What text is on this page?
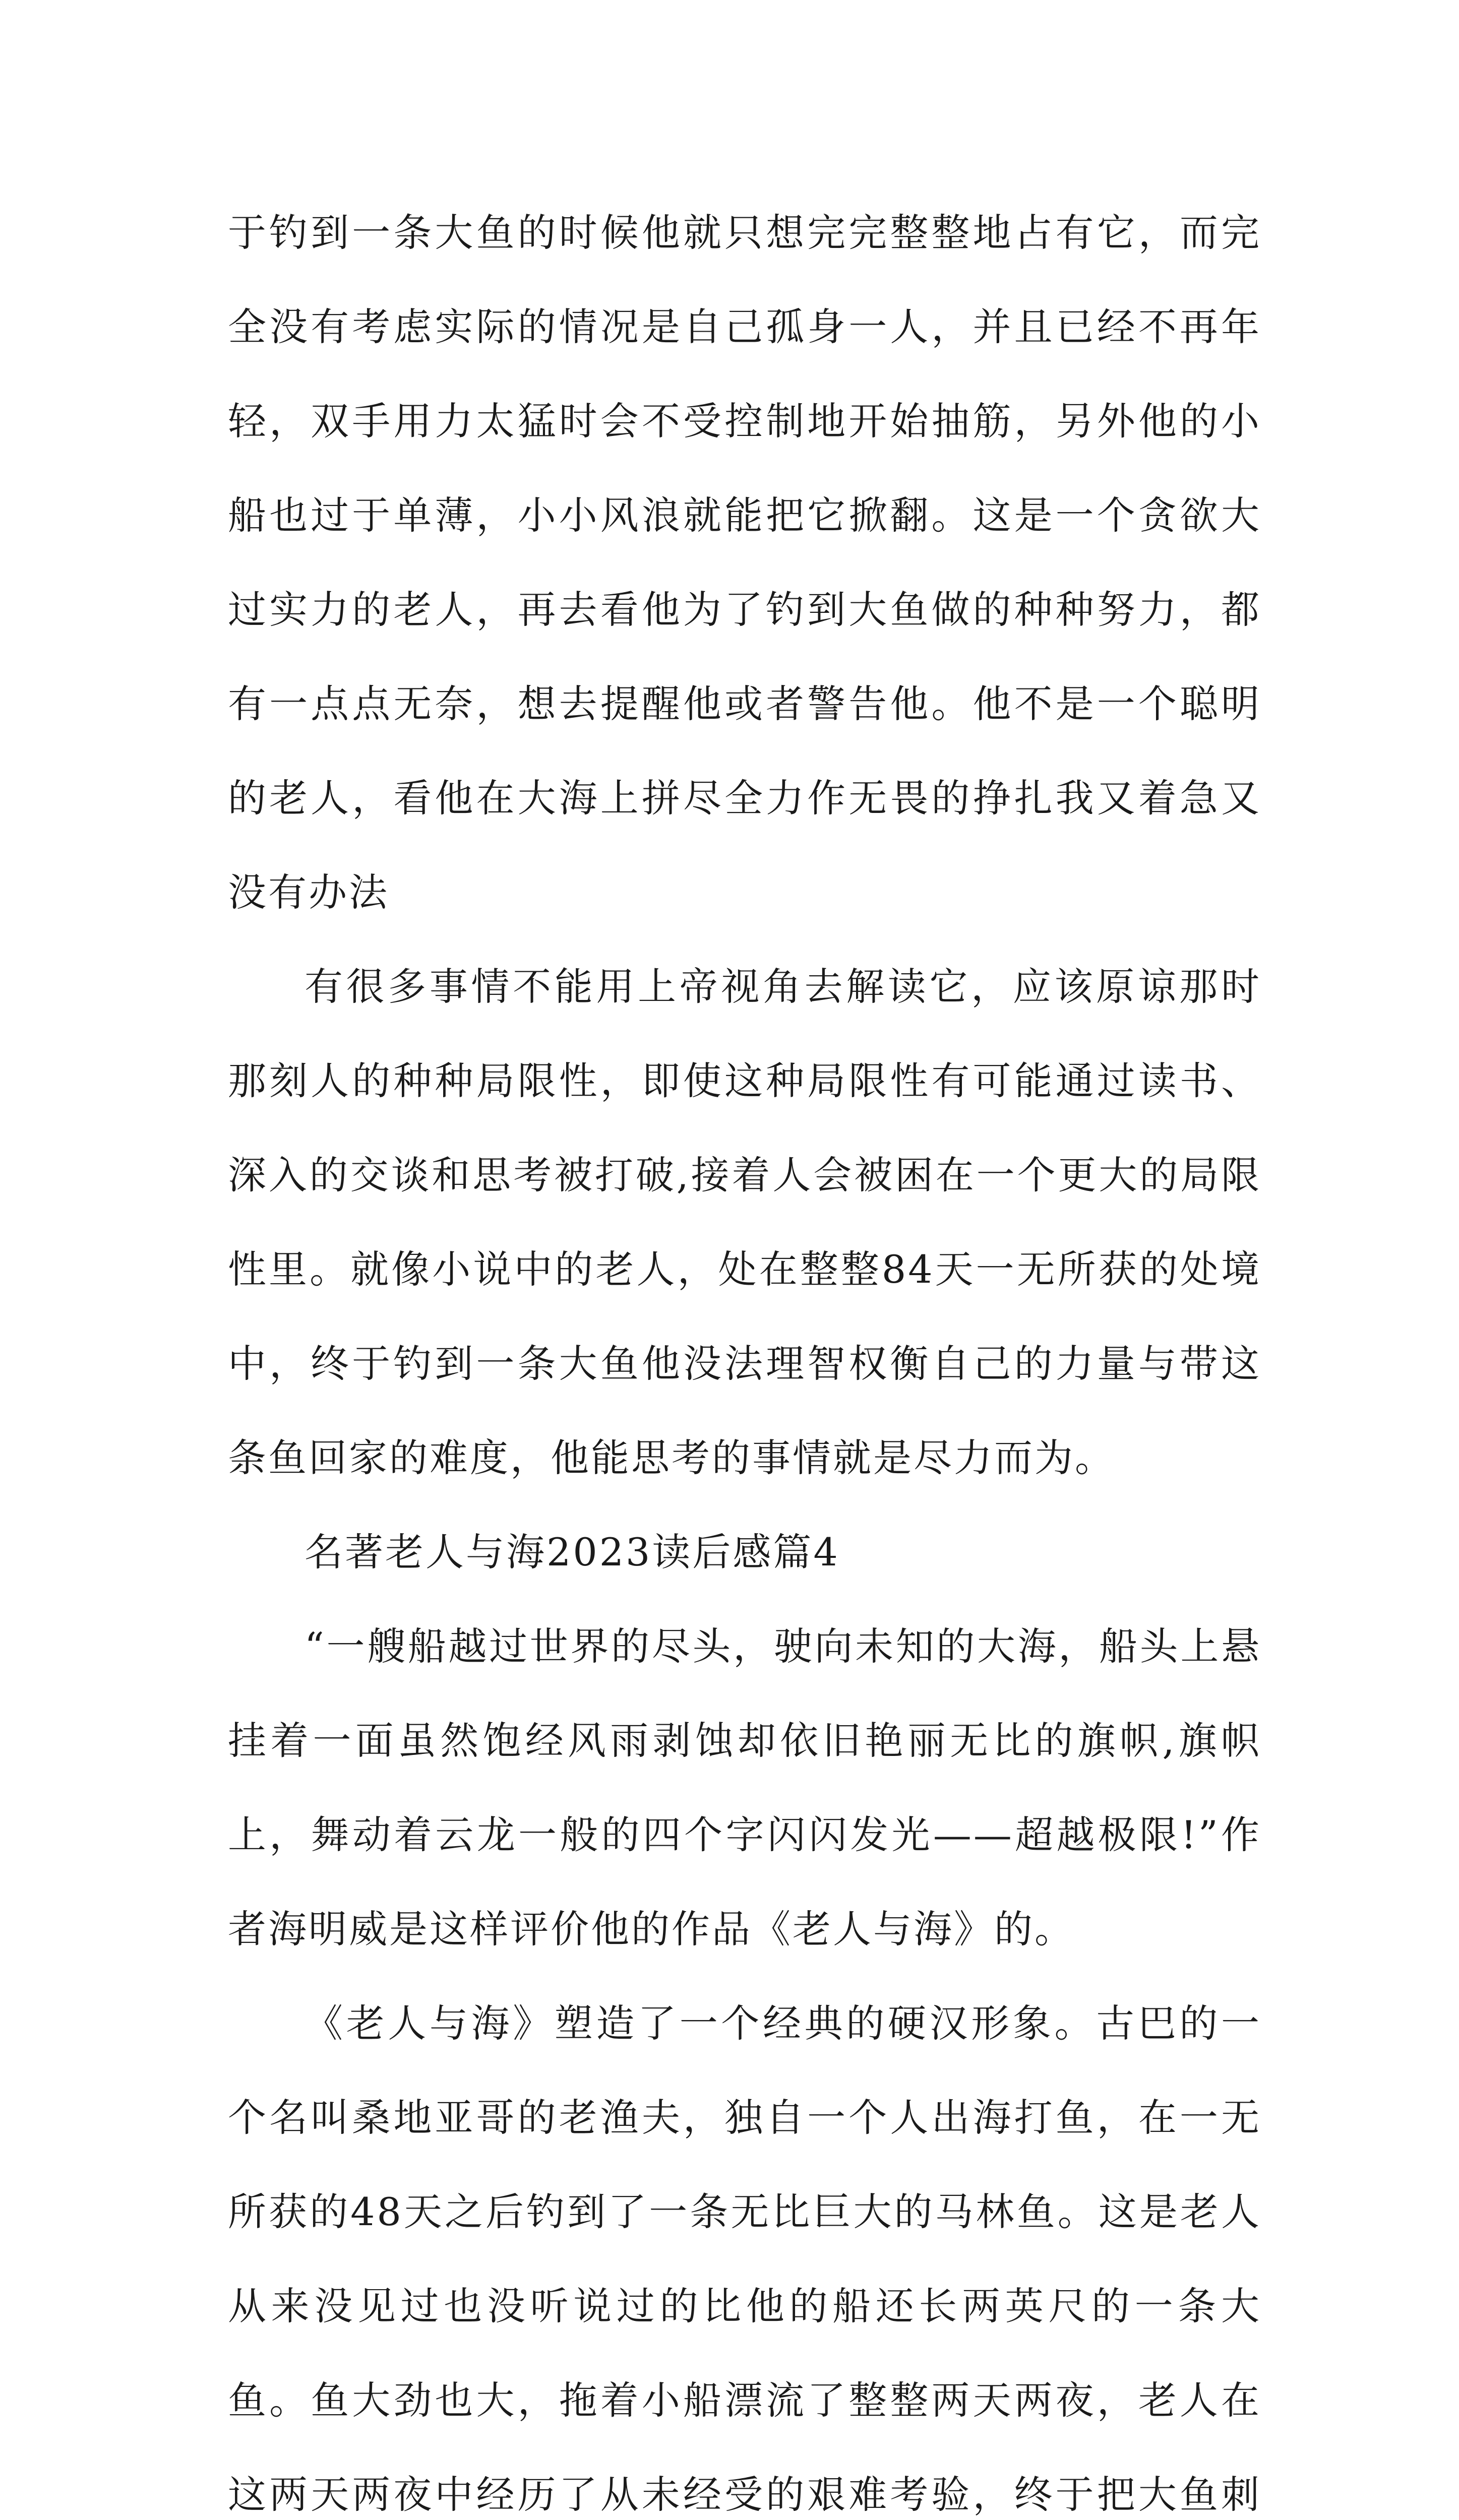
于钓到一条大鱼的时候他就只想完完整整地占有它，而完全没有考虑实际的情况是自己孤身一人，并且已经不再年轻，双手用力太猛时会不受控制地开始抽筋，另外他的小船也过于单薄，小小风浪就能把它掀翻。这是一个贪欲大过实力的老人，再去看他为了钓到大鱼做的种种努力，都有一点点无奈，想去提醒他或者警告他。他不是一个聪明的老人，看他在大海上拼尽全力作无畏的挣扎我又着急又没有办法

有很多事情不能用上帝视角去解读它，应该原谅那时那刻人的种种局限性，即使这种局限性有可能通过读书、深入的交谈和思考被打破,接着人会被困在一个更大的局限性里。就像小说中的老人，处在整整84天一无所获的处境中，终于钓到一条大鱼他没法理智权衡自己的力量与带这条鱼回家的难度，他能思考的事情就是尽力而为。

名著老人与海2023读后感篇4

“一艘船越过世界的尽头，驶向未知的大海，船头上悬挂着一面虽然饱经风雨剥蚀却依旧艳丽无比的旗帜,旗帜上，舞动着云龙一般的四个字闪闪发光——超越极限!”作者海明威是这样评价他的作品《老人与海》的。

《老人与海》塑造了一个经典的硬汉形象。古巴的一个名叫桑地亚哥的老渔夫，独自一个人出海打鱼，在一无所获的48天之后钓到了一条无比巨大的马林鱼。这是老人从来没见过也没听说过的比他的船还长两英尺的一条大鱼。鱼大劲也大，拖着小船漂流了整整两天两夜，老人在这两天两夜中经历了从未经受的艰难考验，终于把大鱼刺
